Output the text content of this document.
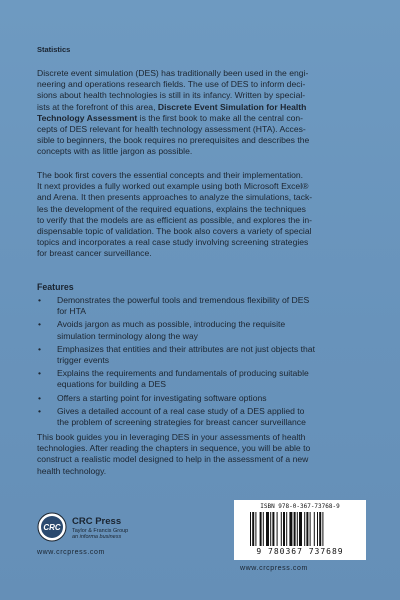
Statistics
Discrete event simulation (DES) has traditionally been used in the engi-
neering and operations research fields. The use of DES to inform deci-
sions about health technologies is still in its infancy. Written by special-
ists at the forefront of this area, Discrete Event Simulation for Health
Technology Assessment is the first book to make all the central con-
cepts of DES relevant for health technology assessment (HTA). Acces-
sible to beginners, the book requires no prerequisites and describes the
concepts with as little jargon as possible.
The book first covers the essential concepts and their implementation.
It next provides a fully worked out example using both Microsoft Excel®
and Arena. It then presents approaches to analyze the simulations, tack-
les the development of the required equations, explains the techniques
to verify that the models are as efficient as possible, and explores the in-
dispensable topic of validation. The book also covers a variety of special
topics and incorporates a real case study involving screening strategies
for breast cancer surveillance.
Features
• Demonstrates the powerful tools and tremendous flexibility of DES
for HTA
• Avoids jargon as much as possible, introducing the requisite
simulation terminology along the way
• Emphasizes that entities and their attributes are not just objects that
trigger events
• Explains the requirements and fundamentals of producing suitable
equations for building a DES
• Offers a starting point for investigating software options
• Gives a detailed account of a real case study of a DES applied to
the problem of screening strategies for breast cancer surveillance
This book guides you in leveraging DES in your assessments of health
technologies. After reading the chapters in sequence, you will be able to
construct a realistic model designed to help in the assessment of a new
health technology.
CRC
CRC Press
Taylor & Francis Group
an informa business
www.crcpress.com
ISBN 978-0-367-73768-9
9 780367 737689
www.crcpress.com
